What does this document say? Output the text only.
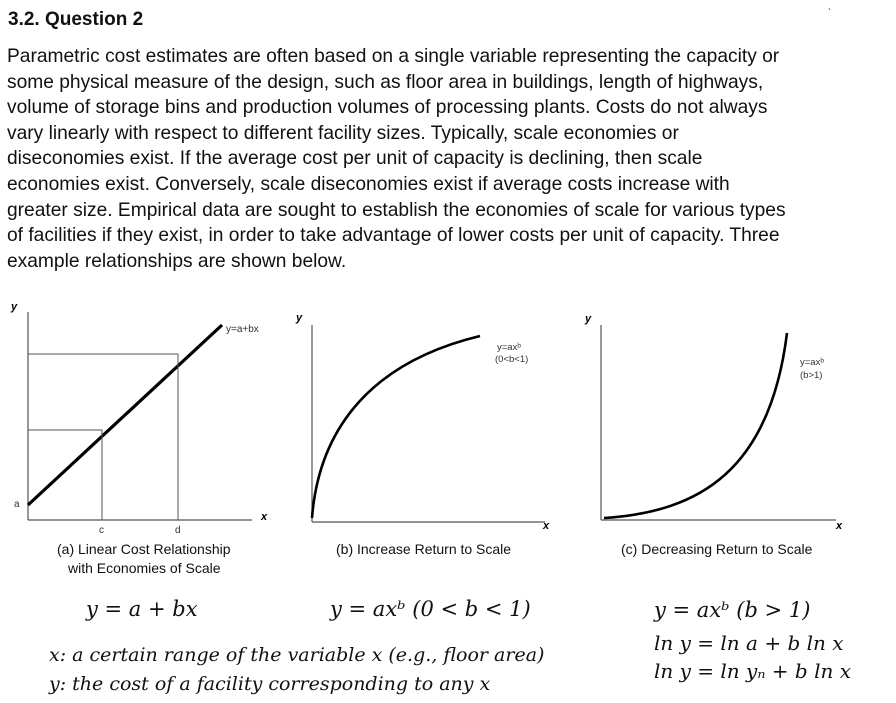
3.2. Question 2
ˎ
Parametric cost estimates are often based on a single variable representing the capacity or
some physical measure of the design, such as floor area in buildings, length of highways,
volume of storage bins and production volumes of processing plants. Costs do not always
vary linearly with respect to different facility sizes. Typically, scale economies or
diseconomies exist. If the average cost per unit of capacity is declining, then scale
economies exist. Conversely, scale diseconomies exist if average costs increase with
greater size. Empirical data are sought to establish the economies of scale for various types
of facilities if they exist, in order to take advantage of lower costs per unit of capacity. Three
example relationships are shown below.
y
x
y=a+bx
a
c	d
y
x
y=axᵇ
(0<b<1)
y
x
y=axᵇ
(b>1)
(a) Linear Cost Relationship
with Economies of Scale
(b) Increase Return to Scale	(c) Decreasing Return to Scale
y = a + bx	y = axᵇ (0 < b < 1)	y = axᵇ (b > 1)
ln y = ln a + b ln x
ln y = ln yₙ + b ln x
x: a certain range of the variable x (e.g., floor area)
y: the cost of a facility corresponding to any x
